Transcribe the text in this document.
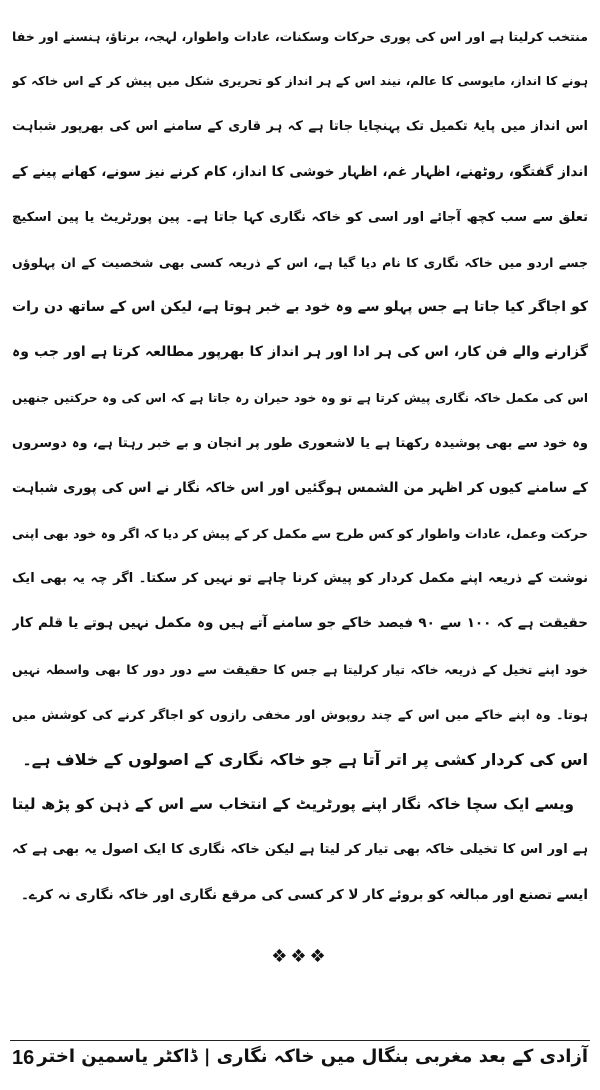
منتخب کرلیتا ہے اور اس کی پوری حرکات وسکنات، عادات واطوار، لہجہ، برتاؤ، ہنسنے اور خفا
ہونے کا انداز، مایوسی کا عالم، نیند اس کے ہر انداز کو تحریری شکل میں پیش کر کے اس خاکہ کو
اس انداز میں پایۂ تکمیل تک پہنچایا جاتا ہے کہ ہر قاری کے سامنے اس کی بھرپور شباہت
انداز گفتگو، روٹھنے، اظہار غم، اظہار خوشی کا انداز، کام کرنے نیز سونے، کھانے پینے کے
تعلق سے سب کچھ آجائے اور اسی کو خاکہ نگاری کہا جاتا ہے۔ پین پورٹریٹ یا پین اسکیچ
جسے اردو میں خاکہ نگاری کا نام دیا گیا ہے، اس کے ذریعہ کسی بھی شخصیت کے ان پہلوؤں
کو اجاگر کیا جاتا ہے جس پہلو سے وہ خود بے خبر ہوتا ہے، لیکن اس کے ساتھ دن رات
گزارنے والے فن کار، اس کی ہر ادا اور ہر انداز کا بھرپور مطالعہ کرتا ہے اور جب وہ
اس کی مکمل خاکہ نگاری پیش کرتا ہے تو وہ خود حیران رہ جاتا ہے کہ اس کی وہ حرکتیں جنھیں
وہ خود سے بھی پوشیدہ رکھتا ہے یا لاشعوری طور پر انجان و بے خبر رہتا ہے، وہ دوسروں
کے سامنے کیوں کر اظہر من الشمس ہوگئیں اور اس خاکہ نگار نے اس کی پوری شباہت
حرکت وعمل، عادات واطوار کو کس طرح سے مکمل کر کے پیش کر دیا کہ اگر وہ خود بھی اپنی
نوشت کے ذریعہ اپنے مکمل کردار کو پیش کرنا چاہے تو نہیں کر سکتا۔ اگر چہ یہ بھی ایک
حقیقت ہے کہ ۱۰۰ سے ۹۰ فیصد خاکے جو سامنے آتے ہیں وہ مکمل نہیں ہوتے یا قلم کار
خود اپنے تخیل کے ذریعہ خاکہ تیار کرلیتا ہے جس کا حقیقت سے دور دور کا بھی واسطہ نہیں
ہوتا۔ وہ اپنے خاکے میں اس کے چند روپوش اور مخفی رازوں کو اجاگر کرنے کی کوشش میں
اس کی کردار کشی پر اتر آتا ہے جو خاکہ نگاری کے اصولوں کے خلاف ہے۔
ویسے ایک سچا خاکہ نگار اپنے پورٹریٹ کے انتخاب سے اس کے ذہن کو پڑھ لیتا
ہے اور اس کا تخیلی خاکہ بھی تیار کر لیتا ہے لیکن خاکہ نگاری کا ایک اصول یہ بھی ہے کہ
ایسے تصنع اور مبالغہ کو بروئے کار لا کر کسی کی مرقع نگاری اور خاکہ نگاری نہ کرے۔
❖❖❖
16 آزادی کے بعد مغربی بنگال میں خاکہ نگاری | ڈاکٹر یاسمین اختر
